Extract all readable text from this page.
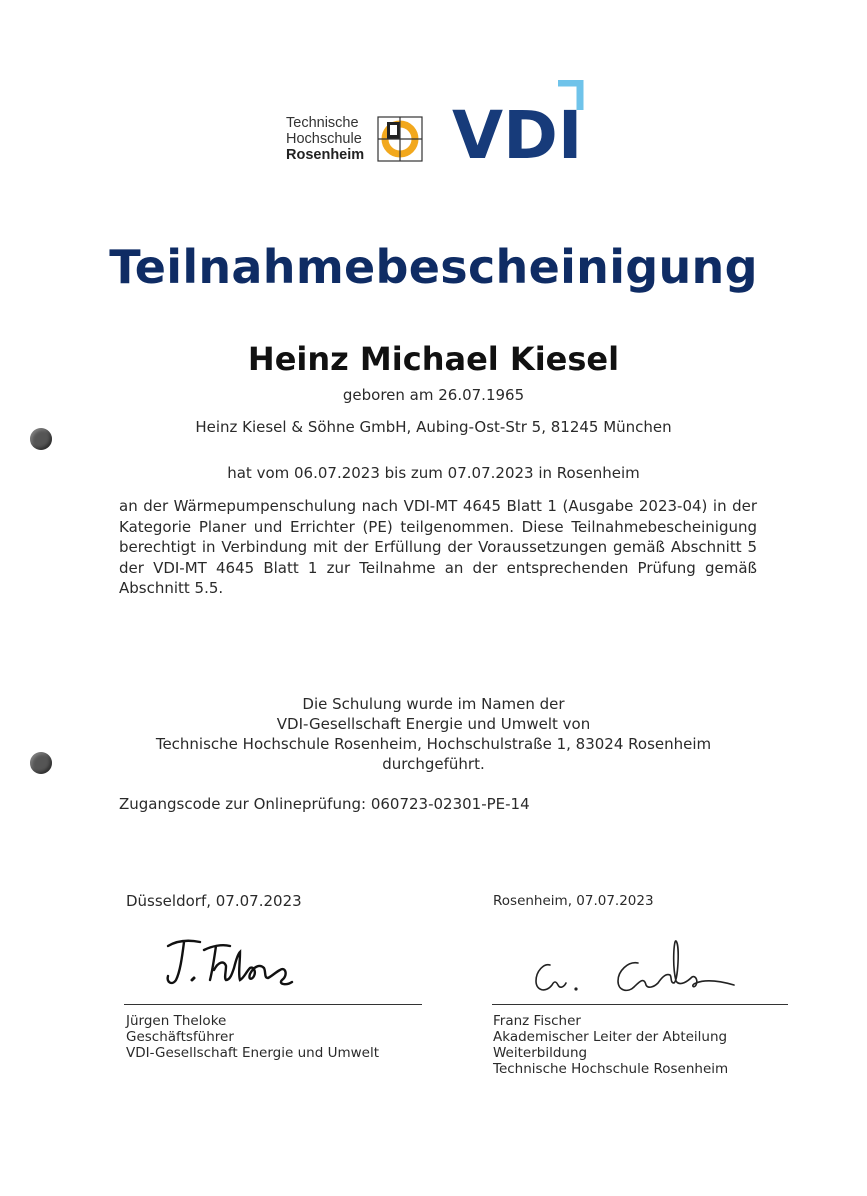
Technische
Hochschule
Rosenheim VDI
Teilnahmebescheinigung
Heinz Michael Kiesel
geboren am 26.07.1965
Heinz Kiesel & Söhne GmbH, Aubing-Ost-Str 5, 81245 München
hat vom 06.07.2023 bis zum 07.07.2023 in Rosenheim
an der Wärmepumpenschulung nach VDI-MT 4645 Blatt 1 (Ausgabe 2023-04) in der Kategorie Planer und Errichter (PE) teilgenommen. Diese Teilnahmebescheinigung berechtigt in Verbindung mit der Erfüllung der Voraussetzungen gemäß Abschnitt 5 der VDI-MT 4645 Blatt 1 zur Teilnahme an der entsprechenden Prüfung gemäß Abschnitt 5.5.
Die Schulung wurde im Namen der
VDI-Gesellschaft Energie und Umwelt von
Technische Hochschule Rosenheim, Hochschulstraße 1, 83024 Rosenheim
durchgeführt.
Zugangscode zur Onlineprüfung: 060723-02301-PE-14
Düsseldorf, 07.07.2023
Jürgen Theloke
Geschäftsführer
VDI-Gesellschaft Energie und Umwelt
Rosenheim, 07.07.2023
Franz Fischer
Akademischer Leiter der Abteilung
Weiterbildung
Technische Hochschule Rosenheim
